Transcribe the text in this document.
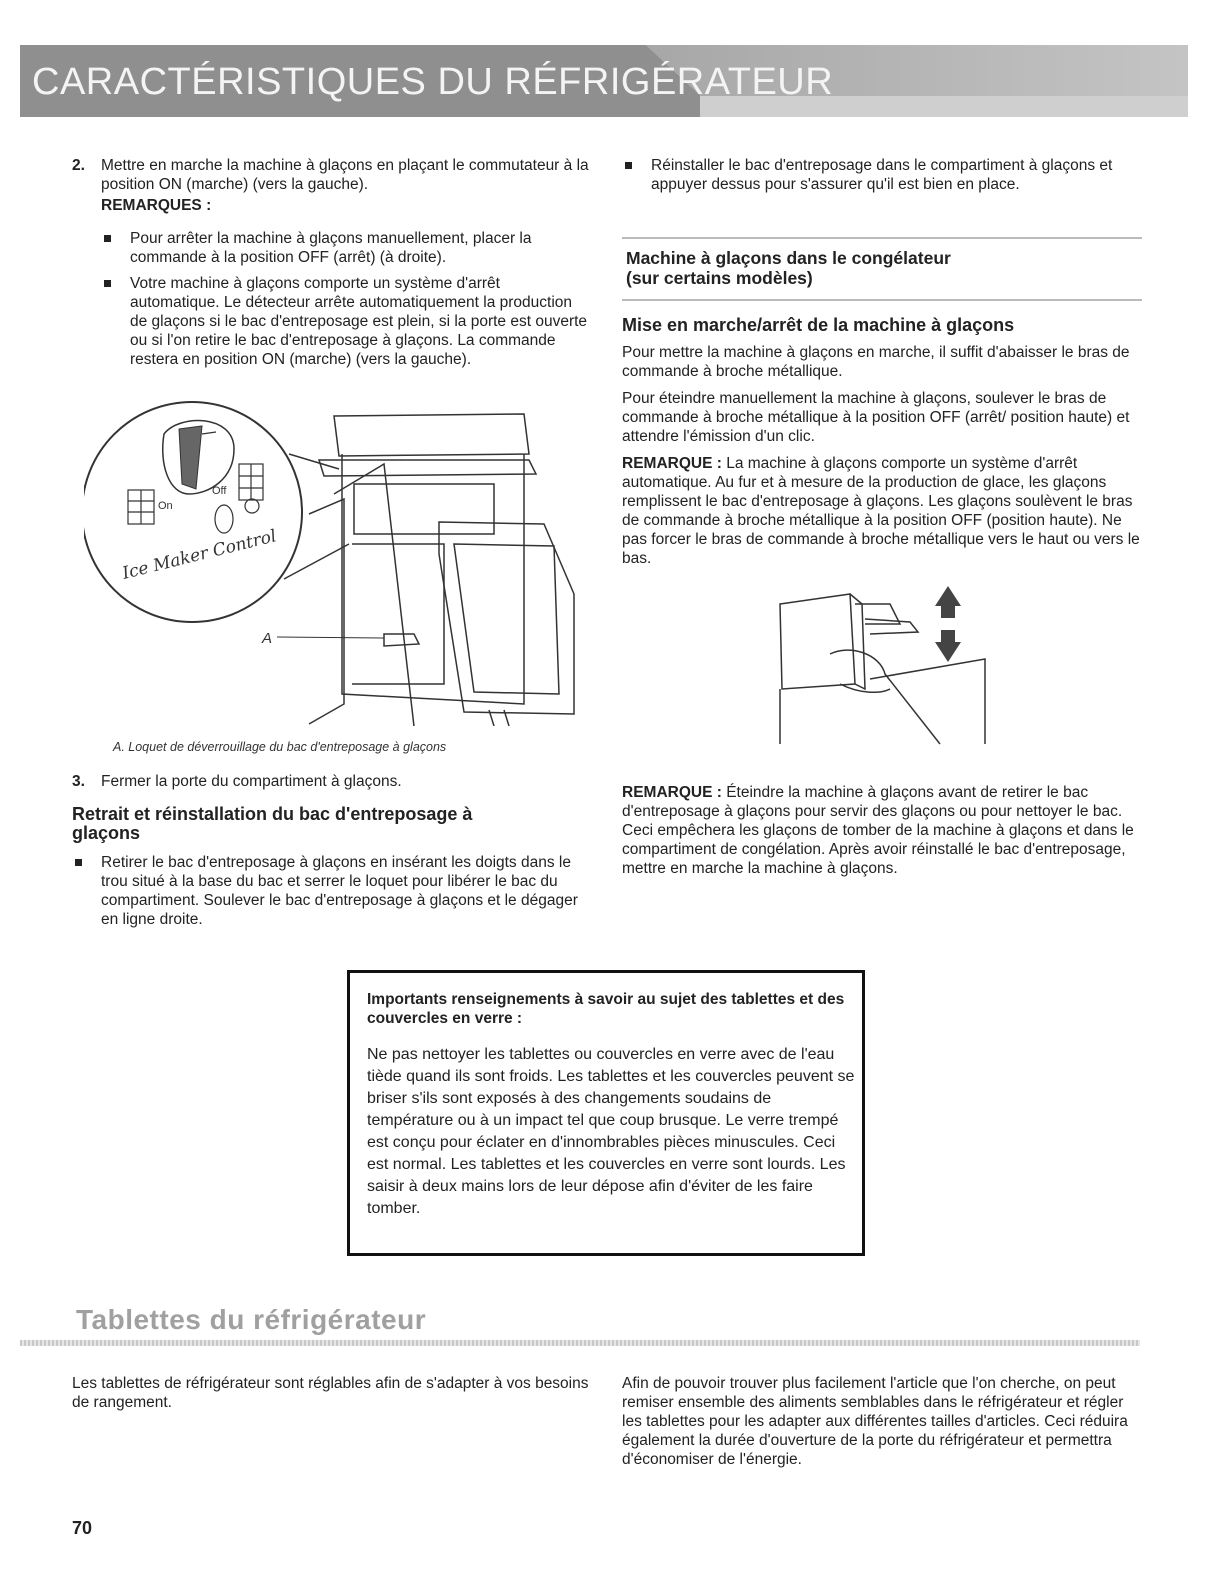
CARACTÉRISTIQUES DU RÉFRIGÉRATEUR
2. Mettre en marche la machine à glaçons en plaçant le commutateur à la position ON (marche) (vers la gauche).

REMARQUES :
Pour arrêter la machine à glaçons manuellement, placer la commande à la position OFF (arrêt) (à droite).
Votre machine à glaçons comporte un système d'arrêt automatique. Le détecteur arrête automatiquement la production de glaçons si le bac d'entreposage est plein, si la porte est ouverte ou si l'on retire le bac d'entreposage à glaçons. La commande restera en position ON (marche) (vers la gauche).
On
Off
Ice Maker Control
A
A. Loquet de déverrouillage du bac d'entreposage à glaçons
3. Fermer la porte du compartiment à glaçons.

Retrait et réinstallation du bac d'entreposage à glaçons
Retirer le bac d'entreposage à glaçons en insérant les doigts dans le trou situé à la base du bac et serrer le loquet pour libérer le bac du compartiment. Soulever le bac d'entreposage à glaçons et le dégager en ligne droite.
Réinstaller le bac d'entreposage dans le compartiment à glaçons et appuyer dessus pour s'assurer qu'il est bien en place.
Machine à glaçons dans le congélateur
(sur certains modèles)
Mise en marche/arrêt de la machine à glaçons

Pour mettre la machine à glaçons en marche, il suffit d'abaisser le bras de commande à broche métallique.

Pour éteindre manuellement la machine à glaçons, soulever le bras de commande à broche métallique à la position OFF (arrêt/ position haute) et attendre l'émission d'un clic.

REMARQUE : La machine à glaçons comporte un système d'arrêt automatique. Au fur et à mesure de la production de glace, les glaçons remplissent le bac d'entreposage à glaçons. Les glaçons soulèvent le bras de commande à broche métallique à la position OFF (position haute). Ne pas forcer le bras de commande à broche métallique vers le haut ou vers le bas.

REMARQUE : Éteindre la machine à glaçons avant de retirer le bac d'entreposage à glaçons pour servir des glaçons ou pour nettoyer le bac. Ceci empêchera les glaçons de tomber de la machine à glaçons et dans le compartiment de congélation. Après avoir réinstallé le bac d'entreposage, mettre en marche la machine à glaçons.

Importants renseignements à savoir au sujet des tablettes et des couvercles en verre :
Ne pas nettoyer les tablettes ou couvercles en verre avec de l'eau tiède quand ils sont froids. Les tablettes et les couvercles peuvent se briser s'ils sont exposés à des changements soudains de température ou à un impact tel que coup brusque. Le verre trempé est conçu pour éclater en d'innombrables pièces minuscules. Ceci est normal. Les tablettes et les couvercles en verre sont lourds. Les saisir à deux mains lors de leur dépose afin d'éviter de les faire tomber.
Tablettes du réfrigérateur
Les tablettes de réfrigérateur sont réglables afin de s'adapter à vos besoins de rangement.
Afin de pouvoir trouver plus facilement l'article que l'on cherche, on peut remiser ensemble des aliments semblables dans le réfrigérateur et régler les tablettes pour les adapter aux différentes tailles d'articles. Ceci réduira également la durée d'ouverture de la porte du réfrigérateur et permettra d'économiser de l'énergie.
70
